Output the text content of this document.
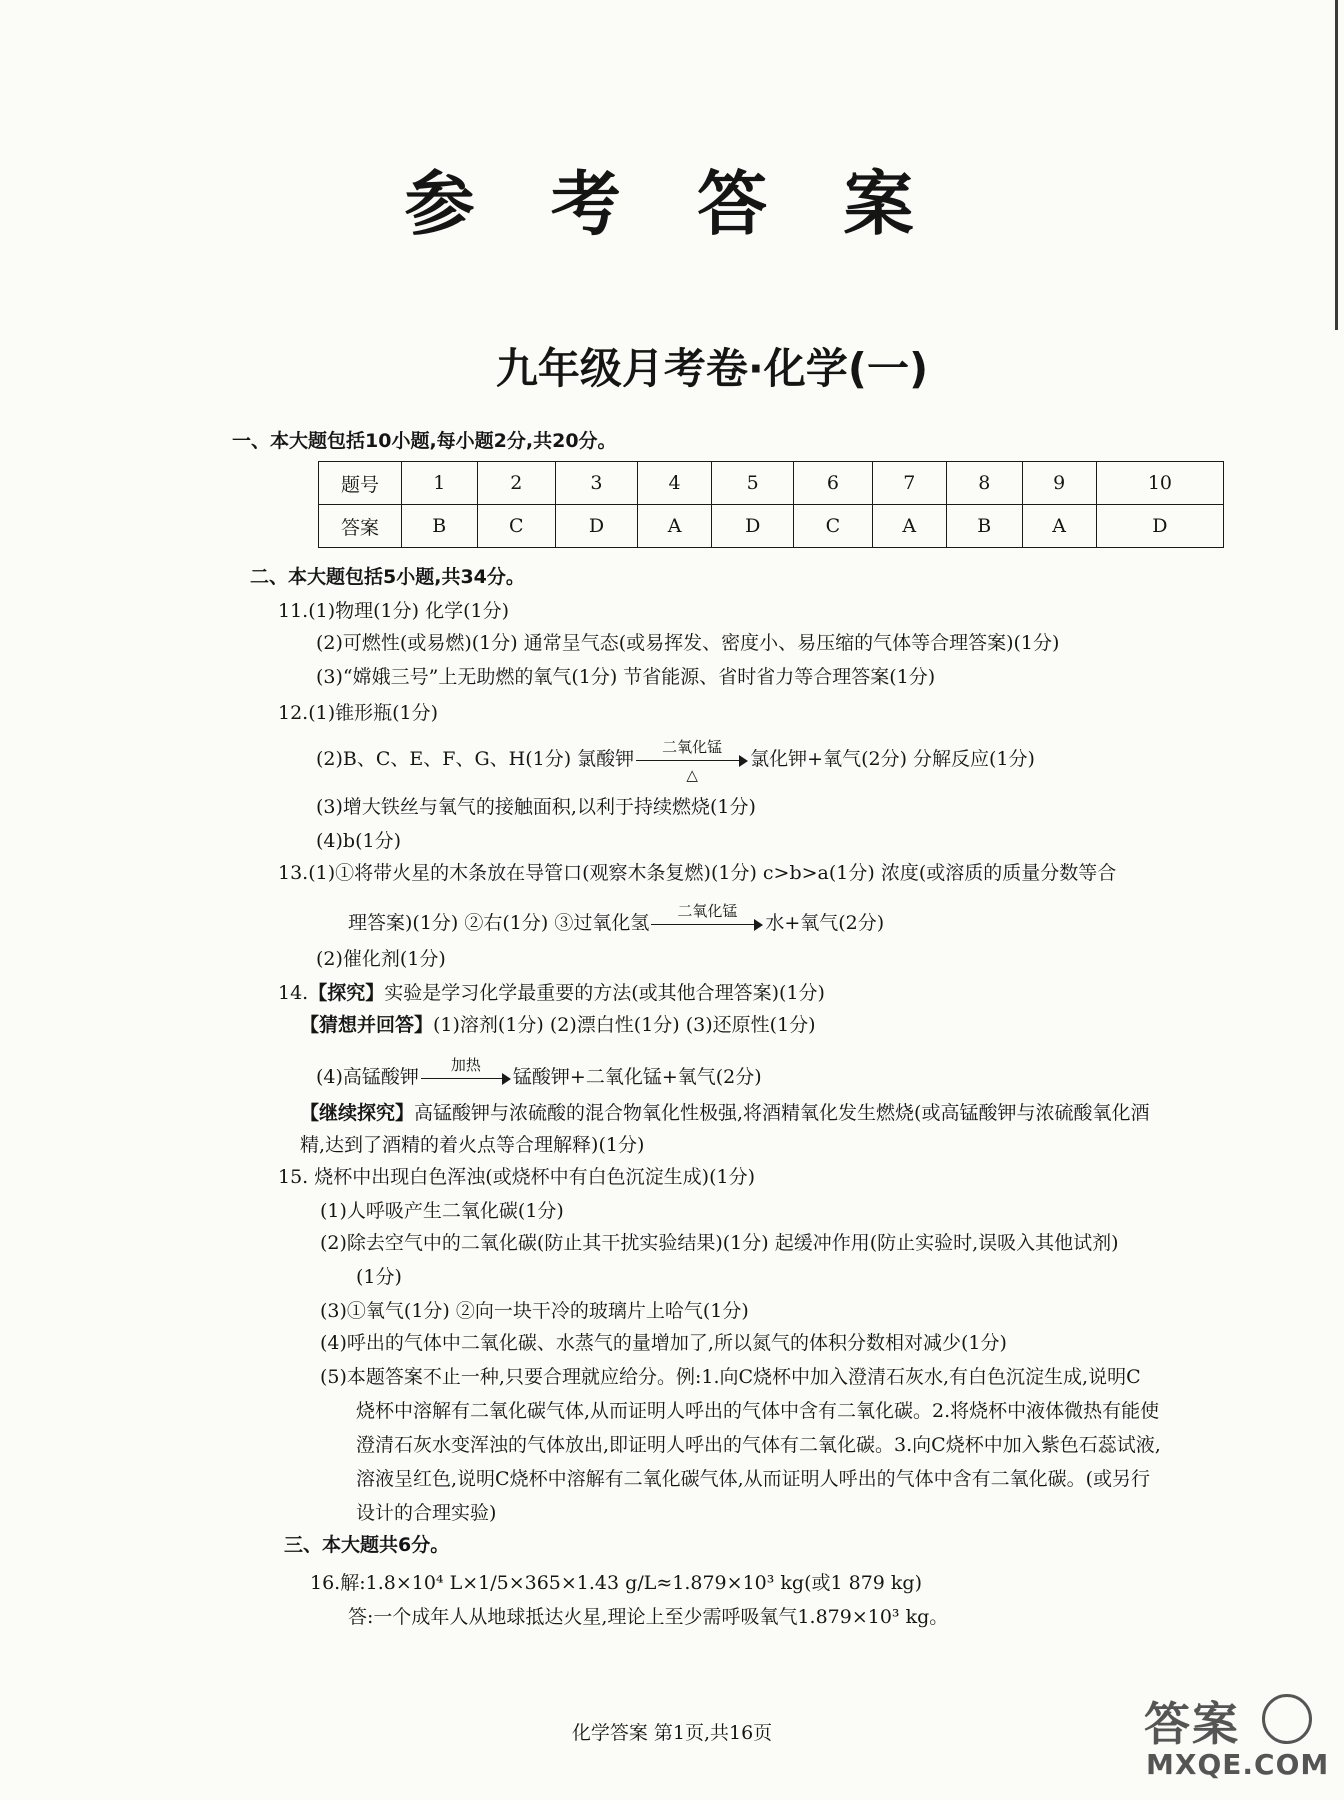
参 考 答 案
九年级月考卷·化学(一)
一、本大题包括10小题,每小题2分,共20分。
题号	1	2	3	4	5	6	7	8	9	10
答案	B	C	D	A	D	C	A	B	A	D
二、本大题包括5小题,共34分。
11.(1)物理(1分) 化学(1分)
(2)可燃性(或易燃)(1分) 通常呈气态(或易挥发、密度小、易压缩的气体等合理答案)(1分)
(3)“嫦娥三号”上无助燃的氧气(1分) 节省能源、省时省力等合理答案(1分)
12.(1)锥形瓶(1分)
(2)B、C、E、F、G、H(1分) 氯酸钾
二氧化锰
△
氯化钾+氧气(2分) 分解反应(1分)
(3)增大铁丝与氧气的接触面积,以利于持续燃烧(1分)
(4)b(1分)
13.(1)①将带火星的木条放在导管口(观察木条复燃)(1分) c>b>a(1分) 浓度(或溶质的质量分数等合
理答案)(1分) ②右(1分) ③过氧化氢
二氧化锰
水+氧气(2分)
(2)催化剂(1分)
14.【探究】实验是学习化学最重要的方法(或其他合理答案)(1分)
【猜想并回答】(1)溶剂(1分) (2)漂白性(1分) (3)还原性(1分)
(4)高锰酸钾
加热
锰酸钾+二氧化锰+氧气(2分)
【继续探究】高锰酸钾与浓硫酸的混合物氧化性极强,将酒精氧化发生燃烧(或高锰酸钾与浓硫酸氧化酒
精,达到了酒精的着火点等合理解释)(1分)
15. 烧杯中出现白色浑浊(或烧杯中有白色沉淀生成)(1分)
(1)人呼吸产生二氧化碳(1分)
(2)除去空气中的二氧化碳(防止其干扰实验结果)(1分) 起缓冲作用(防止实验时,误吸入其他试剂)
(1分)
(3)①氧气(1分) ②向一块干冷的玻璃片上哈气(1分)
(4)呼出的气体中二氧化碳、水蒸气的量增加了,所以氮气的体积分数相对减少(1分)
(5)本题答案不止一种,只要合理就应给分。例:1.向C烧杯中加入澄清石灰水,有白色沉淀生成,说明C
烧杯中溶解有二氧化碳气体,从而证明人呼出的气体中含有二氧化碳。2.将烧杯中液体微热有能使
澄清石灰水变浑浊的气体放出,即证明人呼出的气体有二氧化碳。3.向C烧杯中加入紫色石蕊试液,
溶液呈红色,说明C烧杯中溶解有二氧化碳气体,从而证明人呼出的气体中含有二氧化碳。(或另行
设计的合理实验)
三、本大题共6分。
16.解:1.8×10⁴ L×1/5×365×1.43 g/L≈1.879×10³ kg(或1 879 kg)
答:一个成年人从地球抵达火星,理论上至少需呼吸氧气1.879×10³ kg。
化学答案 第1页,共16页	答案
MXQE.COM
